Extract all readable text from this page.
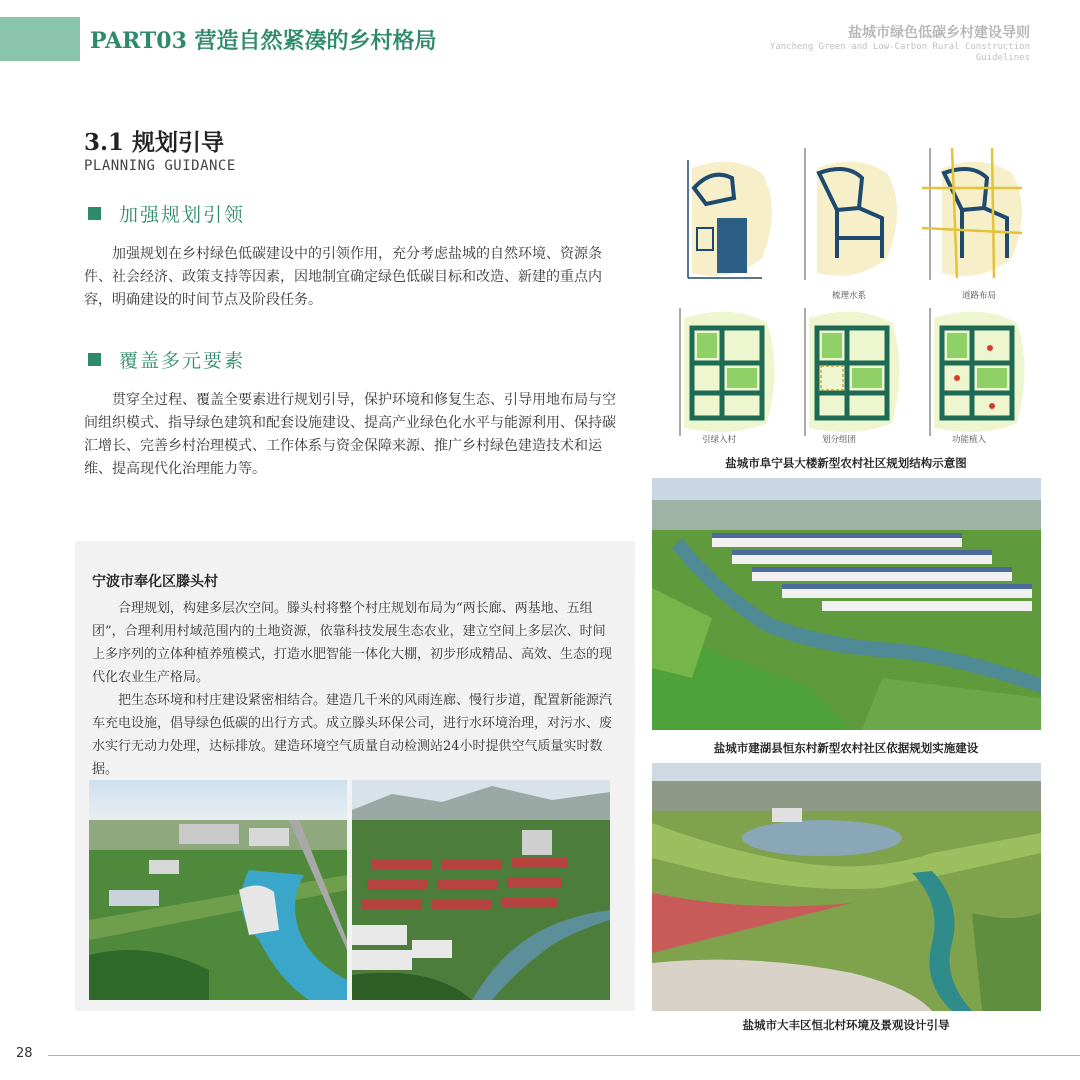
PART03 营造自然紧凑的乡村格局	盐城市绿色低碳乡村建设导则
Yancheng Green and Low-Carbon Rural Construction Guidelines
3.1 规划引导
PLANNING GUIDANCE
加强规划引领
加强规划在乡村绿色低碳建设中的引领作用，充分考虑盐城的自然环境、资源条件、社会经济、政策支持等因素，因地制宜确定绿色低碳目标和改造、新建的重点内容，明确建设的时间节点及阶段任务。
覆盖多元要素
贯穿全过程、覆盖全要素进行规划引导，保护环境和修复生态、引导用地布局与空间组织模式、指导绿色建筑和配套设施建设、提高产业绿色化水平与能源利用、保持碳汇增长、完善乡村治理模式、工作体系与资金保障来源、推广乡村绿色建造技术和运维、提高现代化治理能力等。
宁波市奉化区滕头村
合理规划，构建多层次空间。滕头村将整个村庄规划布局为“两长廊、两基地、五组团”，合理利用村域范围内的土地资源，依靠科技发展生态农业，建立空间上多层次、时间上多序列的立体种植养殖模式，打造水肥智能一体化大棚，初步形成精品、高效、生态的现代化农业生产格局。
把生态环境和村庄建设紧密相结合。建造几千米的风雨连廊、慢行步道，配置新能源汽车充电设施，倡导绿色低碳的出行方式。成立滕头环保公司，进行水环境治理，对污水、废水实行无动力处理，达标排放。建造环境空气质量自动检测站24小时提供空气质量实时数据。
梳理水系	道路布局
引绿入村	划分组团	功能植入
盐城市阜宁县大楼新型农村社区规划结构示意图
盐城市建湖县恒东村新型农村社区依据规划实施建设
盐城市大丰区恒北村环境及景观设计引导
28
